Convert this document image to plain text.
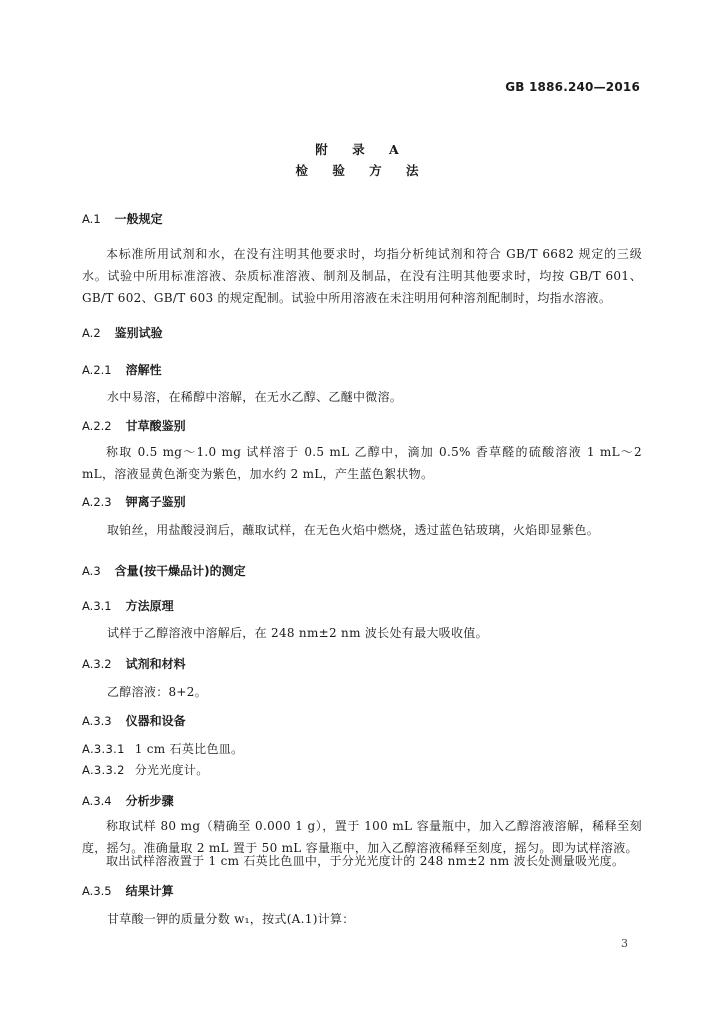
GB 1886.240—2016
附 录 A
检 验 方 法
A.1 一般规定
本标准所用试剂和水，在没有注明其他要求时，均指分析纯试剂和符合 GB/T 6682 规定的三级水。试验中所用标准溶液、杂质标准溶液、制剂及制品，在没有注明其他要求时，均按 GB/T 601、GB/T 602、GB/T 603 的规定配制。试验中所用溶液在未注明用何种溶剂配制时，均指水溶液。
A.2 鉴别试验
A.2.1 溶解性
水中易溶，在稀醇中溶解，在无水乙醇、乙醚中微溶。
A.2.2 甘草酸鉴别
称取 0.5 mg～1.0 mg 试样溶于 0.5 mL 乙醇中，滴加 0.5% 香草醛的硫酸溶液 1 mL～2 mL，溶液显黄色渐变为紫色，加水约 2 mL，产生蓝色絮状物。
A.2.3 钾离子鉴别
取铂丝，用盐酸浸润后，蘸取试样，在无色火焰中燃烧，透过蓝色钴玻璃，火焰即显紫色。
A.3 含量(按干燥品计)的测定
A.3.1 方法原理
试样于乙醇溶液中溶解后，在 248 nm±2 nm 波长处有最大吸收值。
A.3.2 试剂和材料
乙醇溶液：8+2。
A.3.3 仪器和设备
A.3.3.1 1 cm 石英比色皿。
A.3.3.2 分光光度计。
A.3.4 分析步骤
称取试样 80 mg（精确至 0.000 1 g），置于 100 mL 容量瓶中，加入乙醇溶液溶解，稀释至刻度，摇匀。准确量取 2 mL 置于 50 mL 容量瓶中，加入乙醇溶液稀释至刻度，摇匀。即为试样溶液。
取出试样溶液置于 1 cm 石英比色皿中，于分光光度计的 248 nm±2 nm 波长处测量吸光度。
A.3.5 结果计算
甘草酸一钾的质量分数 w₁，按式(A.1)计算：
3
